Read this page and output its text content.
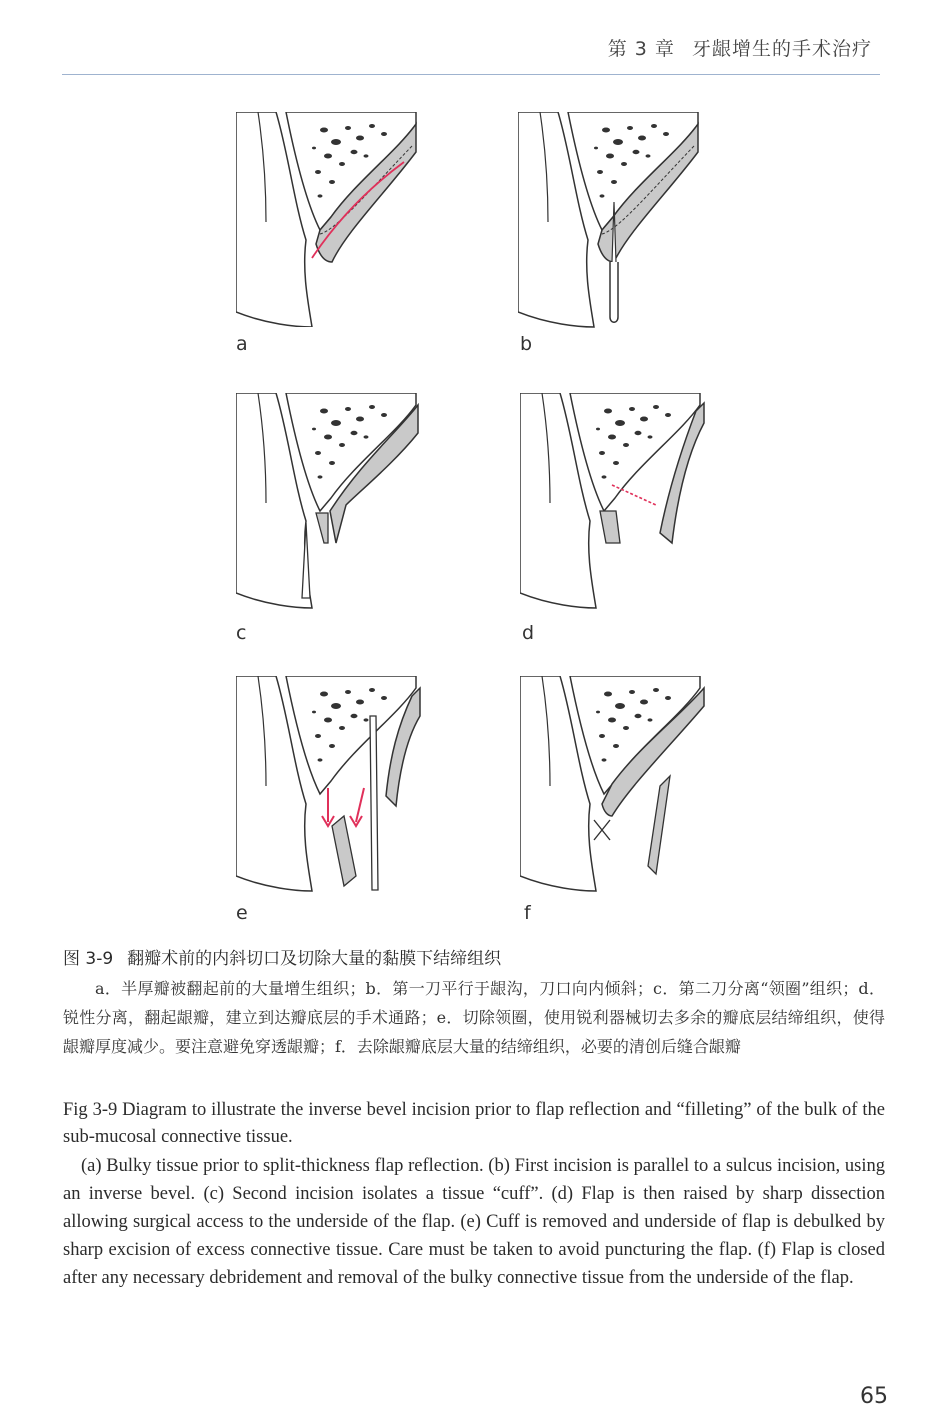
第 3 章 牙龈增生的手术治疗
a	b
c	d
e	f
图 3-9 翻瓣术前的内斜切口及切除大量的黏膜下结缔组织
a．半厚瓣被翻起前的大量增生组织；b．第一刀平行于龈沟，刀口向内倾斜；c．第二刀分离“领圈”组织；d．锐性分离，翻起龈瓣，建立到达瓣底层的手术通路；e．切除领圈，使用锐利器械切去多余的瓣底层结缔组织，使得龈瓣厚度减少。要注意避免穿透龈瓣；f．去除龈瓣底层大量的结缔组织，必要的清创后缝合龈瓣
Fig 3-9 Diagram to illustrate the inverse bevel incision prior to flap reflection and “filleting” of the bulk of the sub-mucosal connective tissue.
(a) Bulky tissue prior to split-thickness flap reflection. (b) First incision is parallel to a sulcus incision, using an inverse bevel. (c) Second incision isolates a tissue “cuff”. (d) Flap is then raised by sharp dissection allowing surgical access to the underside of the flap. (e) Cuff is removed and underside of flap is debulked by sharp excision of excess connective tissue. Care must be taken to avoid puncturing the flap. (f) Flap is closed after any necessary debridement and removal of the bulky connective tissue from the underside of the flap.
65
